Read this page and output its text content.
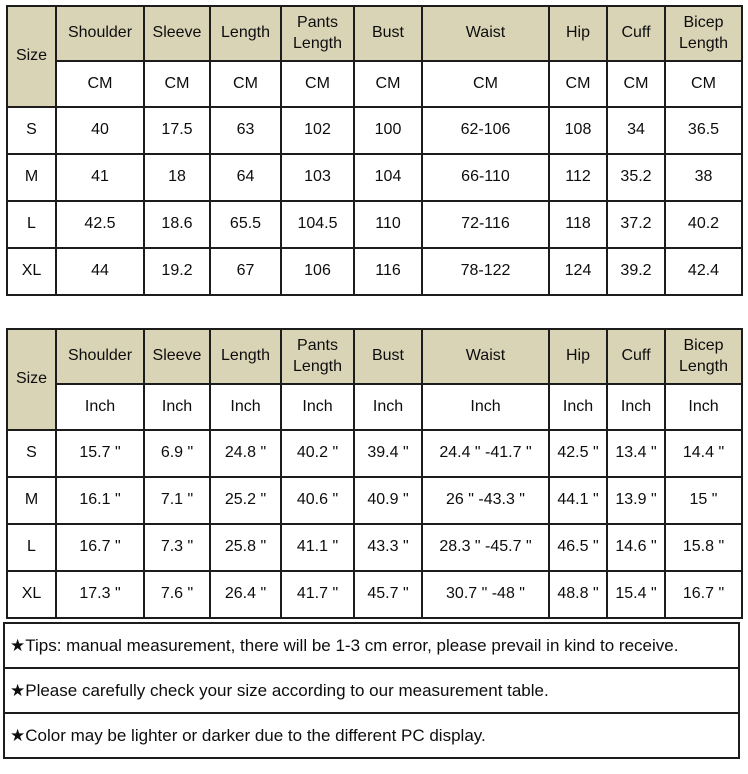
Size	Shoulder	Sleeve	Length	Pants Length	Bust	Waist	Hip	Cuff	Bicep Length
	CM	CM	CM	CM	CM	CM	CM	CM	CM
S	40	17.5	63	102	100	62-106	108	34	36.5
M	41	18	64	103	104	66-110	112	35.2	38
L	42.5	18.6	65.5	104.5	110	72-116	118	37.2	40.2
XL	44	19.2	67	106	116	78-122	124	39.2	42.4
Size	Shoulder	Sleeve	Length	Pants Length	Bust	Waist	Hip	Cuff	Bicep Length
	Inch	Inch	Inch	Inch	Inch	Inch	Inch	Inch	Inch
S	15.7 "	6.9 "	24.8 "	40.2 "	39.4 "	24.4 " -41.7 "	42.5 "	13.4 "	14.4 "
M	16.1 "	7.1 "	25.2 "	40.6 "	40.9 "	26 " -43.3 "	44.1 "	13.9 "	15 "
L	16.7 "	7.3 "	25.8 "	41.1 "	43.3 "	28.3 " -45.7 "	46.5 "	14.6 "	15.8 "
XL	17.3 "	7.6 "	26.4 "	41.7 "	45.7 "	30.7 " -48 "	48.8 "	15.4 "	16.7 "
★Tips: manual measurement, there will be 1-3 cm error, please prevail in kind to receive.
★Please carefully check your size according to our measurement table.
★Color may be lighter or darker due to the different PC display.
